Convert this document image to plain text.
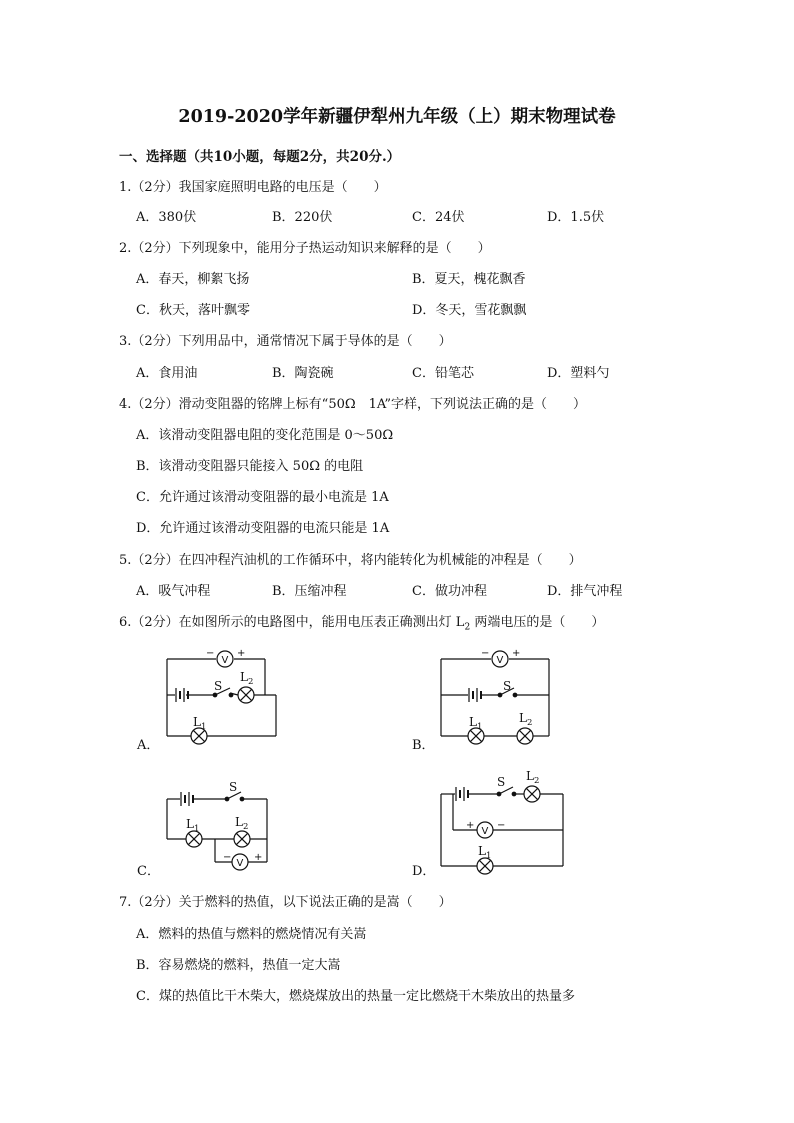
2019-2020学年新疆伊犁州九年级（上）期末物理试卷
一、选择题（共10小题，每题2分，共20分.）
1.（2分）我国家庭照明电路的电压是（　　）
A．380伏	B．220伏	C．24伏	D．1.5伏
2.（2分）下列现象中，能用分子热运动知识来解释的是（　　）
A．春天，柳絮飞扬	B．夏天，槐花飘香
C．秋天，落叶飘零	D．冬天，雪花飘飘
3.（2分）下列用品中，通常情况下属于导体的是（　　）
A．食用油	B．陶瓷碗	C．铅笔芯	D．塑料勺
4.（2分）滑动变阻器的铭牌上标有“50Ω　1A”字样，下列说法正确的是（　　）
A．该滑动变阻器电阻的变化范围是 0～50Ω
B．该滑动变阻器只能接入 50Ω 的电阻
C．允许通过该滑动变阻器的最小电流是 1A
D．允许通过该滑动变阻器的电流只能是 1A
5.（2分）在四冲程汽油机的工作循环中，将内能转化为机械能的冲程是（　　）
A．吸气冲程	B．压缩冲程	C．做功冲程	D．排气冲程
6.（2分）在如图所示的电路图中，能用电压表正确测出灯 $L_2$ 两端电压的是（　　）
A．	B．
C．	D．
V
− +
S
$L_2$
$L_1$
V
− +
S
$L_1$
$L_2$
S
$L_1$	$L_2$
V
− +
S $L_2$
V
+ −
$L_1$
7.（2分）关于燃料的热值，以下说法正确的是嵩（　　）
A．燃料的热值与燃料的燃烧情况有关嵩
B．容易燃烧的燃料，热值一定大嵩
C．煤的热值比干木柴大，燃烧煤放出的热量一定比燃烧干木柴放出的热量多
